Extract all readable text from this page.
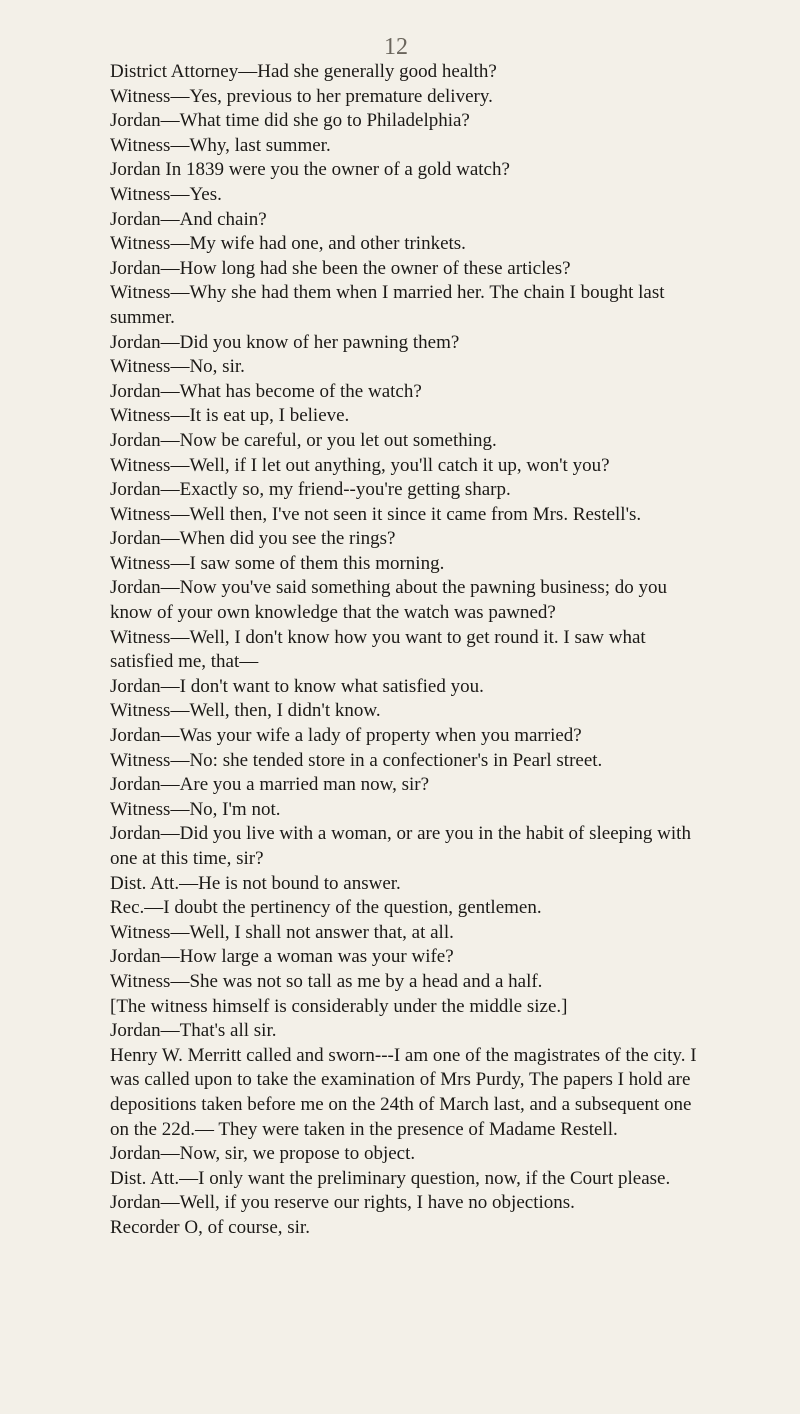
12

District Attorney—Had she generally good health?

Witness—Yes, previous to her premature delivery.

Jordan—What time did she go to Philadelphia?

Witness—Why, last summer.

Jordan In 1839 were you the owner of a gold watch?

Witness—Yes.

Jordan—And chain?

Witness—My wife had one, and other trinkets.

Jordan—How long had she been the owner of these articles?

Witness—Why she had them when I married her. The chain I bought last summer.

Jordan—Did you know of her pawning them?

Witness—No, sir.

Jordan—What has become of the watch?

Witness—It is eat up, I believe.

Jordan—Now be careful, or you let out something.

Witness—Well, if I let out anything, you'll catch it up, won't you?

Jordan—Exactly so, my friend--you're getting sharp.

Witness—Well then, I've not seen it since it came from Mrs. Restell's.

Jordan—When did you see the rings?

Witness—I saw some of them this morning.

Jordan—Now you've said something about the pawning business; do you know of your own knowledge that the watch was pawned?

Witness—Well, I don't know how you want to get round it. I saw what satisfied me, that—

Jordan—I don't want to know what satisfied you.

Witness—Well, then, I didn't know.

Jordan—Was your wife a lady of property when you married?

Witness—No: she tended store in a confectioner's in Pearl street.

Jordan—Are you a married man now, sir?

Witness—No, I'm not.

Jordan—Did you live with a woman, or are you in the habit of sleeping with one at this time, sir?

Dist. Att.—He is not bound to answer.

Rec.—I doubt the pertinency of the question, gentlemen.

Witness—Well, I shall not answer that, at all.

Jordan—How large a woman was your wife?

Witness—She was not so tall as me by a head and a half.

[The witness himself is considerably under the middle size.]

Jordan—That's all sir.

Henry W. Merritt called and sworn---I am one of the magistrates of the city. I was called upon to take the examination of Mrs Purdy, The papers I hold are depositions taken before me on the 24th of March last, and a subsequent one on the 22d.— They were taken in the presence of Madame Restell.

Jordan—Now, sir, we propose to object.

Dist. Att.—I only want the preliminary question, now, if the Court please.

Jordan—Well, if you reserve our rights, I have no objections.

Recorder O, of course, sir.
